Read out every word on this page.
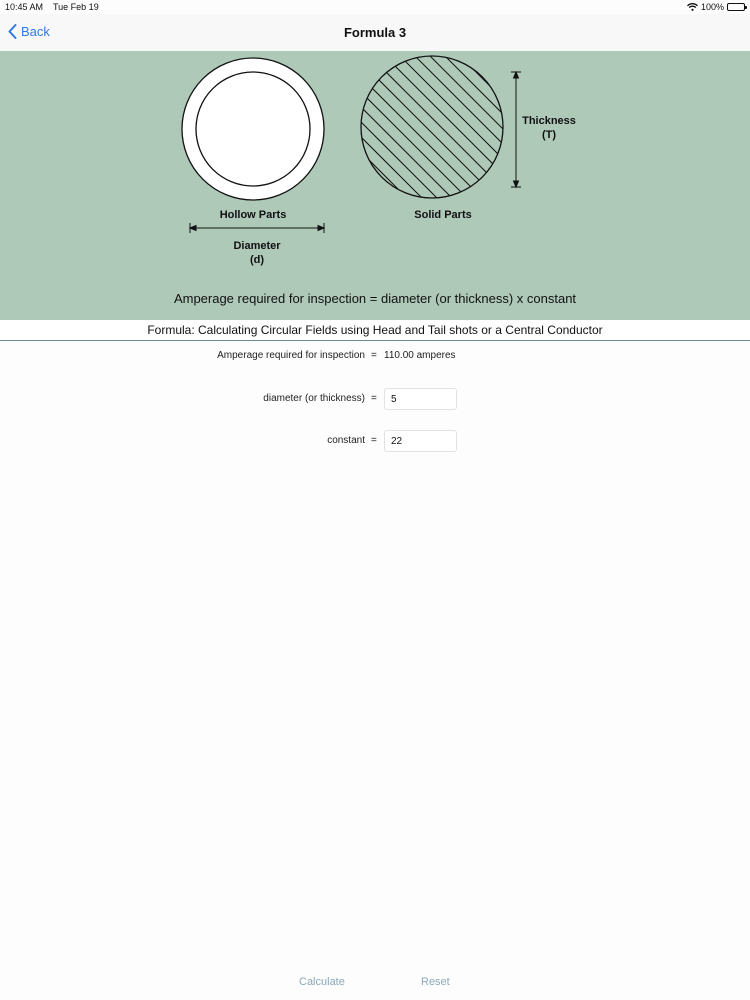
10:45 AM Tue Feb 19	100%
Back	Formula 3
Hollow Parts	Solid Parts
Diameter
(d)
Thickness
(T)
Amperage required for inspection = diameter (or thickness) x constant
Formula: Calculating Circular Fields using Head and Tail shots or a Central Conductor
Amperage required for inspection = 110.00 amperes
diameter (or thickness) =
5
constant =
22
Calculate	Reset
